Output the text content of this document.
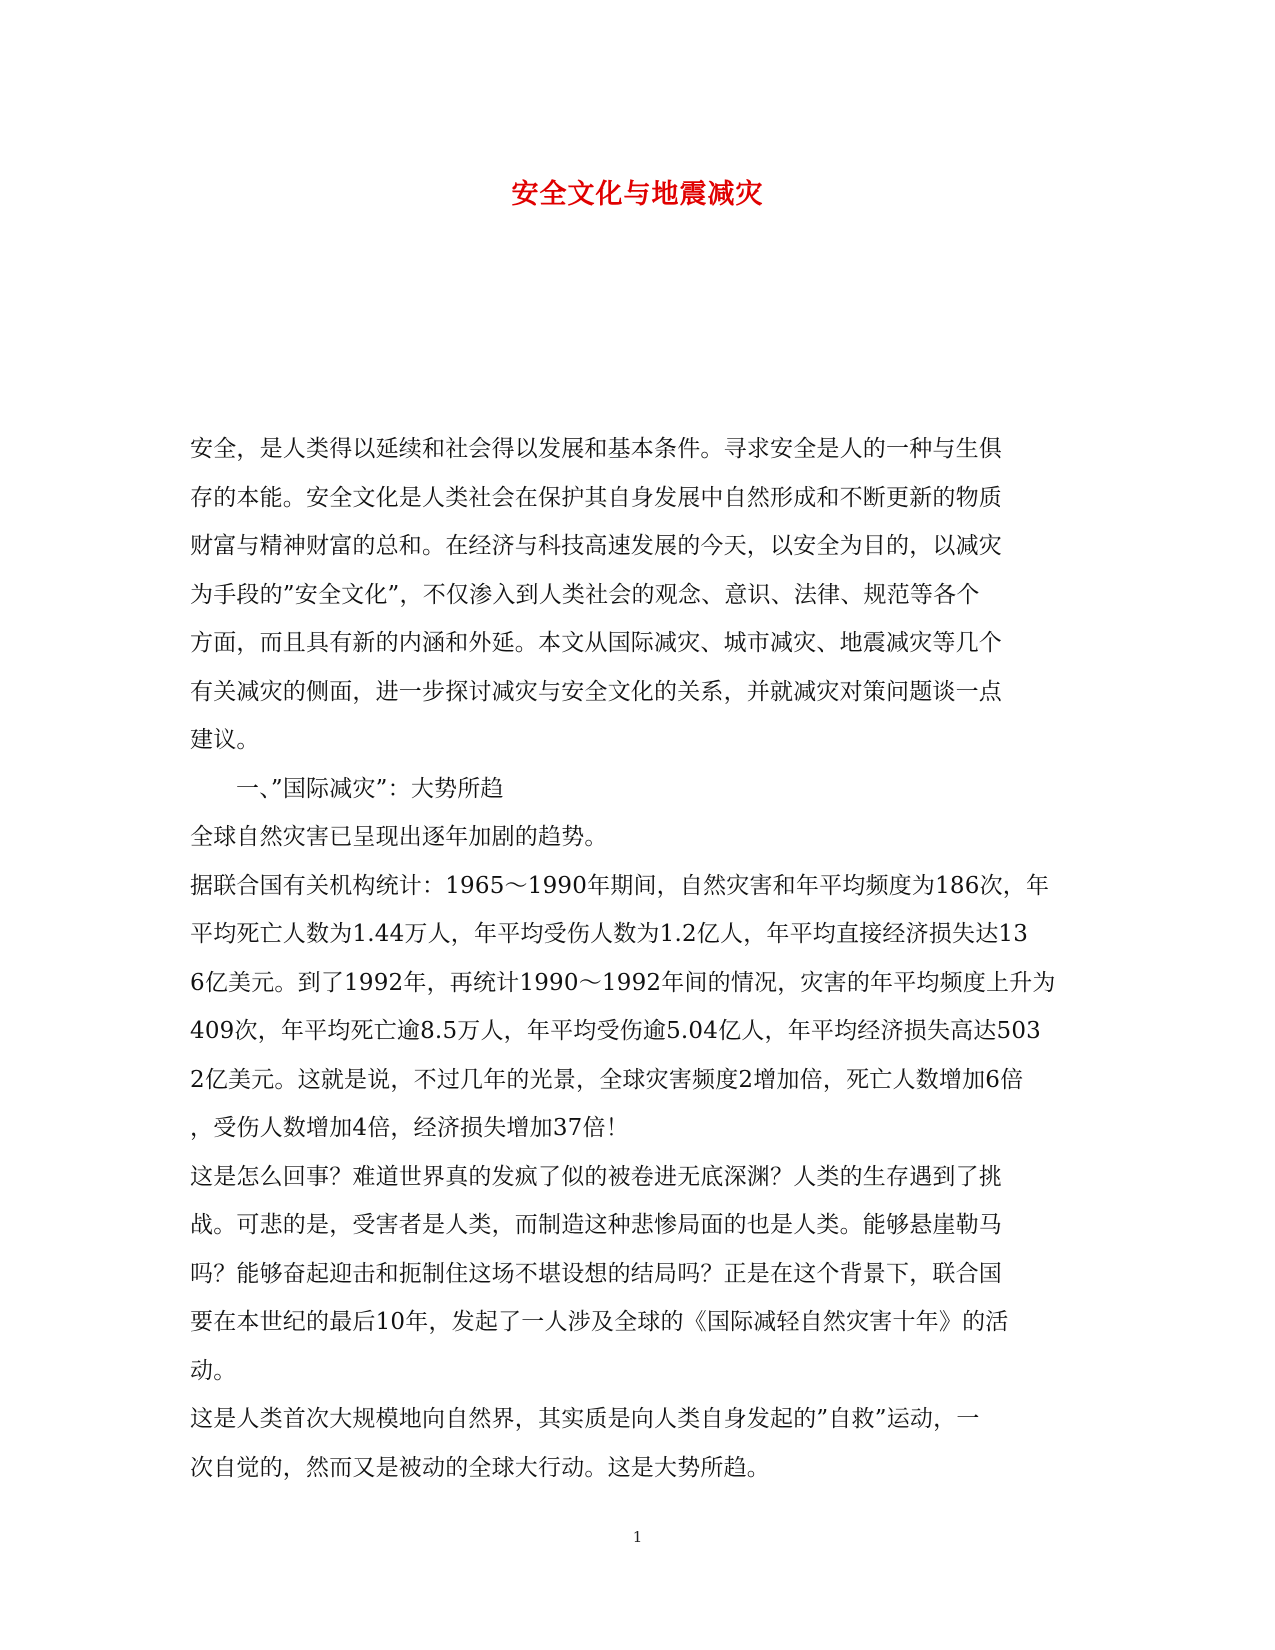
安全文化与地震减灾
安全，是人类得以延续和社会得以发展和基本条件。寻求安全是人的一种与生俱
存的本能。安全文化是人类社会在保护其自身发展中自然形成和不断更新的物质
财富与精神财富的总和。在经济与科技高速发展的今天，以安全为目的，以减灾
为手段的”安全文化”，不仅渗入到人类社会的观念、意识、法律、规范等各个
方面，而且具有新的内涵和外延。本文从国际减灾、城市减灾、地震减灾等几个
有关减灾的侧面，进一步探讨减灾与安全文化的关系，并就减灾对策问题谈一点
建议。
一、”国际减灾”：大势所趋
全球自然灾害已呈现出逐年加剧的趋势。
据联合国有关机构统计：1965～1990年期间，自然灾害和年平均频度为186次，年
平均死亡人数为1.44万人，年平均受伤人数为1.2亿人，年平均直接经济损失达13
6亿美元。到了1992年，再统计1990～1992年间的情况，灾害的年平均频度上升为
409次，年平均死亡逾8.5万人，年平均受伤逾5.04亿人，年平均经济损失高达503
2亿美元。这就是说，不过几年的光景，全球灾害频度2增加倍，死亡人数增加6倍
，受伤人数增加4倍，经济损失增加37倍！
这是怎么回事？难道世界真的发疯了似的被卷进无底深渊？人类的生存遇到了挑
战。可悲的是，受害者是人类，而制造这种悲惨局面的也是人类。能够悬崖勒马
吗？能够奋起迎击和扼制住这场不堪设想的结局吗？正是在这个背景下，联合国
要在本世纪的最后10年，发起了一人涉及全球的《国际减轻自然灾害十年》的活
动。
这是人类首次大规模地向自然界，其实质是向人类自身发起的”自救”运动，一
次自觉的，然而又是被动的全球大行动。这是大势所趋。
1
